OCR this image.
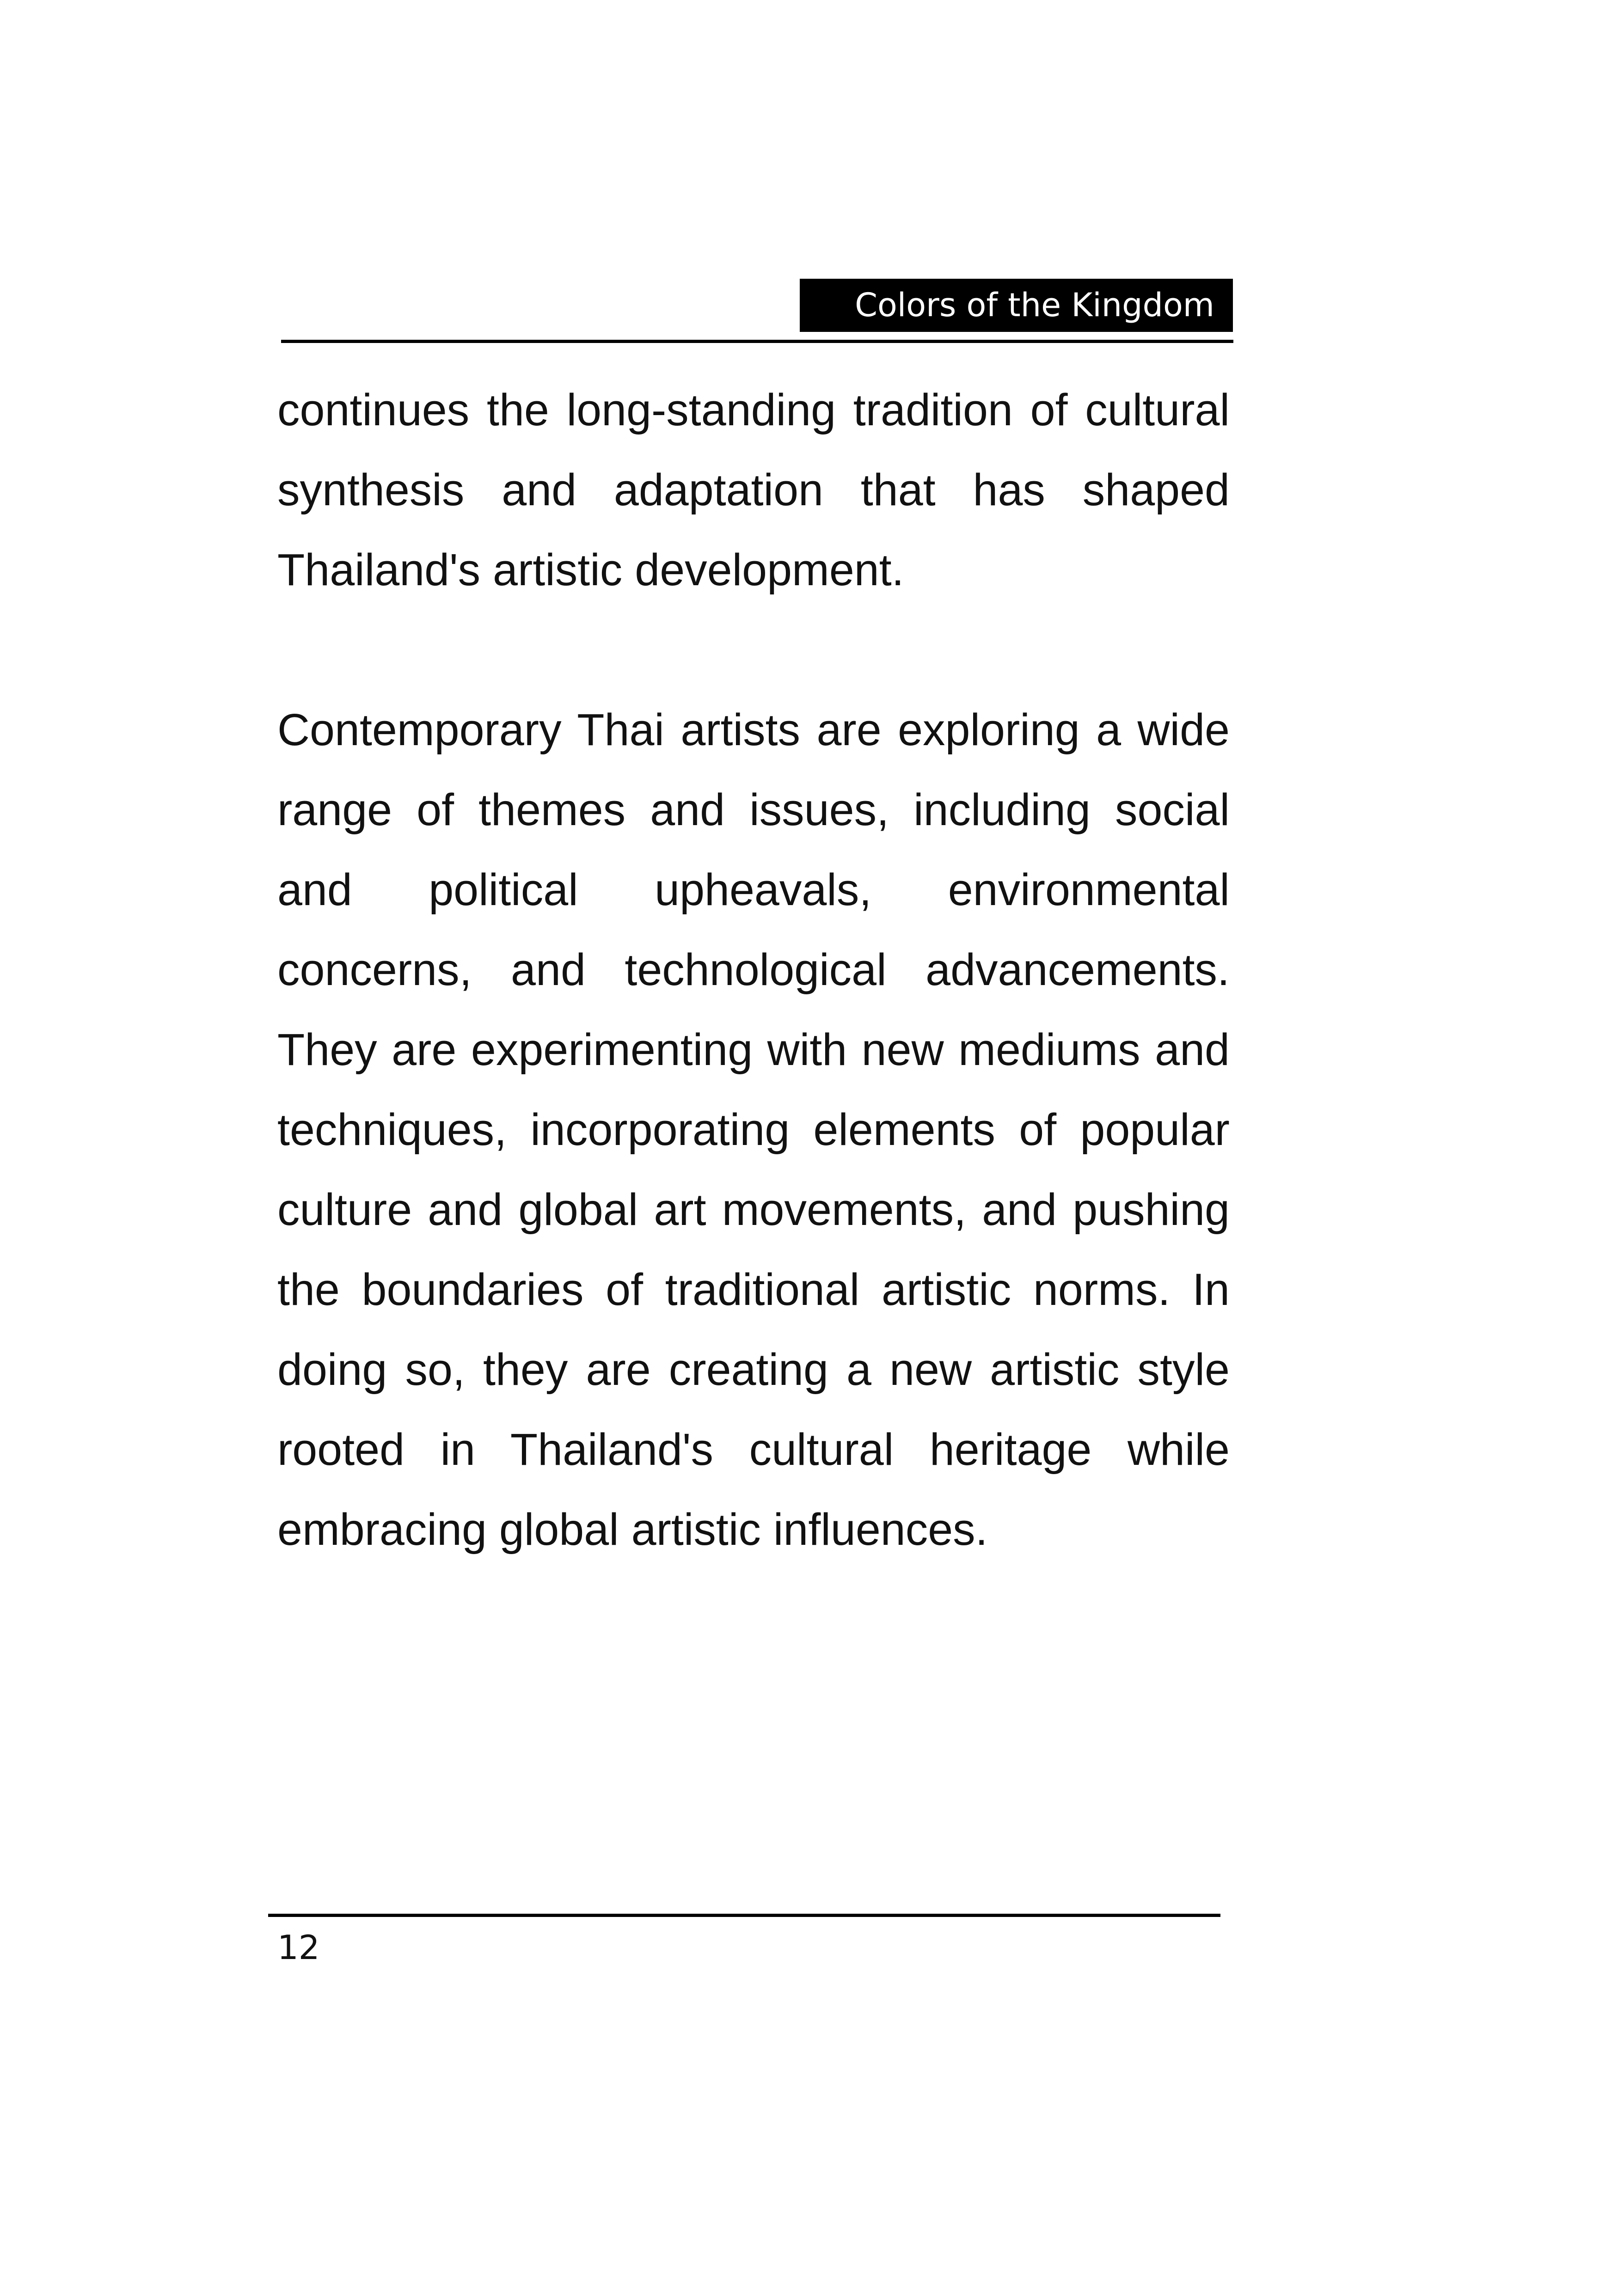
Colors of the Kingdom

continues the long-standing tradition of cultural synthesis and adaptation that has shaped Thailand's artistic development.

Contemporary Thai artists are exploring a wide range of themes and issues, including social and political upheavals, environmental concerns, and technological advancements. They are experimenting with new mediums and techniques, incorporating elements of popular culture and global art movements, and pushing the boundaries of traditional artistic norms. In doing so, they are creating a new artistic style rooted in Thailand's cultural heritage while embracing global artistic influences.

12
